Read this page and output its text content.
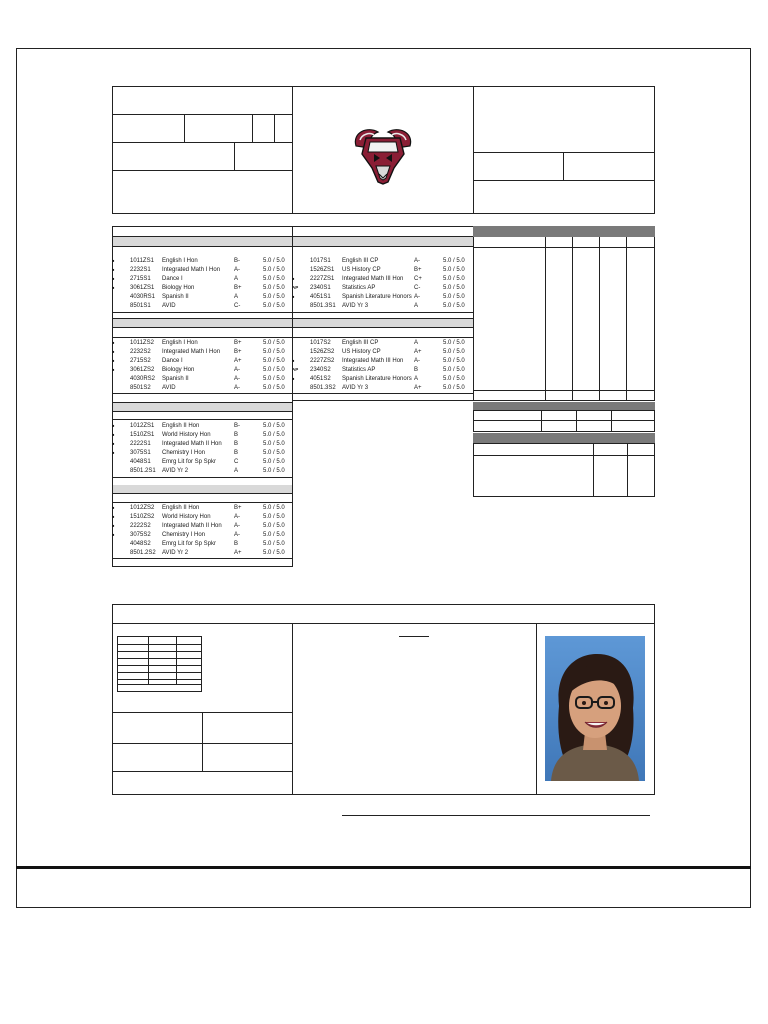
■	1011ZS1 English I Hon	B-	5.0 / 5.0
■	2232S1 Integrated Math I Hon A-	5.0 / 5.0
■	2715S1 Dance I	A	5.0 / 5.0
■	3061ZS1 Biology Hon	B+	5.0 / 5.0
4030RS1 Spanish II	A	5.0 / 5.0
8501S1 AVID	C-	5.0 / 5.0
1017S1 English III CP	A-	5.0 / 5.0
1526ZS1 US History CP	B+	5.0 / 5.0
■	2227ZS1 Integrated Math III Hon C+	5.0 / 5.0
AP 2340S1 Statistics AP	C-	5.0 / 5.0
■	4051S1 Spanish Literature Honors A-	5.0 / 5.0
8501.3S1 AVID Yr 3	A	5.0 / 5.0
■	1011ZS2 English I Hon	B+	5.0 / 5.0
■	2232S2 Integrated Math I Hon B+	5.0 / 5.0
■	2715S2 Dance I	A+	5.0 / 5.0
■	3061ZS2 Biology Hon	A-	5.0 / 5.0
4030RS2 Spanish II	A-	5.0 / 5.0
8501S2 AVID	A-	5.0 / 5.0
1017S2 English III CP	A	5.0 / 5.0
1526ZS2 US History CP	A+	5.0 / 5.0
■	2227ZS2 Integrated Math III Hon A-	5.0 / 5.0
AP 2340S2 Statistics AP	B	5.0 / 5.0
■	4051S2 Spanish Literature Honors A	5.0 / 5.0
8501.3S2 AVID Yr 3	A+	5.0 / 5.0
■	1012ZS1 English II Hon	B-	5.0 / 5.0
■	1510ZS1 World History Hon	B	5.0 / 5.0
■	2222S1 Integrated Math II Hon B	5.0 / 5.0
■	3075S1 Chemistry I Hon	B	5.0 / 5.0
4048S1 Emrg Lit for Sp Spkr	C	5.0 / 5.0
8501.2S1 AVID Yr 2	A	5.0 / 5.0
■	1012ZS2 English II Hon	B+	5.0 / 5.0
■	1510ZS2 World History Hon	A-	5.0 / 5.0
■	2222S2 Integrated Math II Hon A-	5.0 / 5.0
■	3075S2 Chemistry I Hon	A-	5.0 / 5.0
4048S2 Emrg Lit for Sp Spkr	B	5.0 / 5.0
8501.2S2 AVID Yr 2	A+	5.0 / 5.0
